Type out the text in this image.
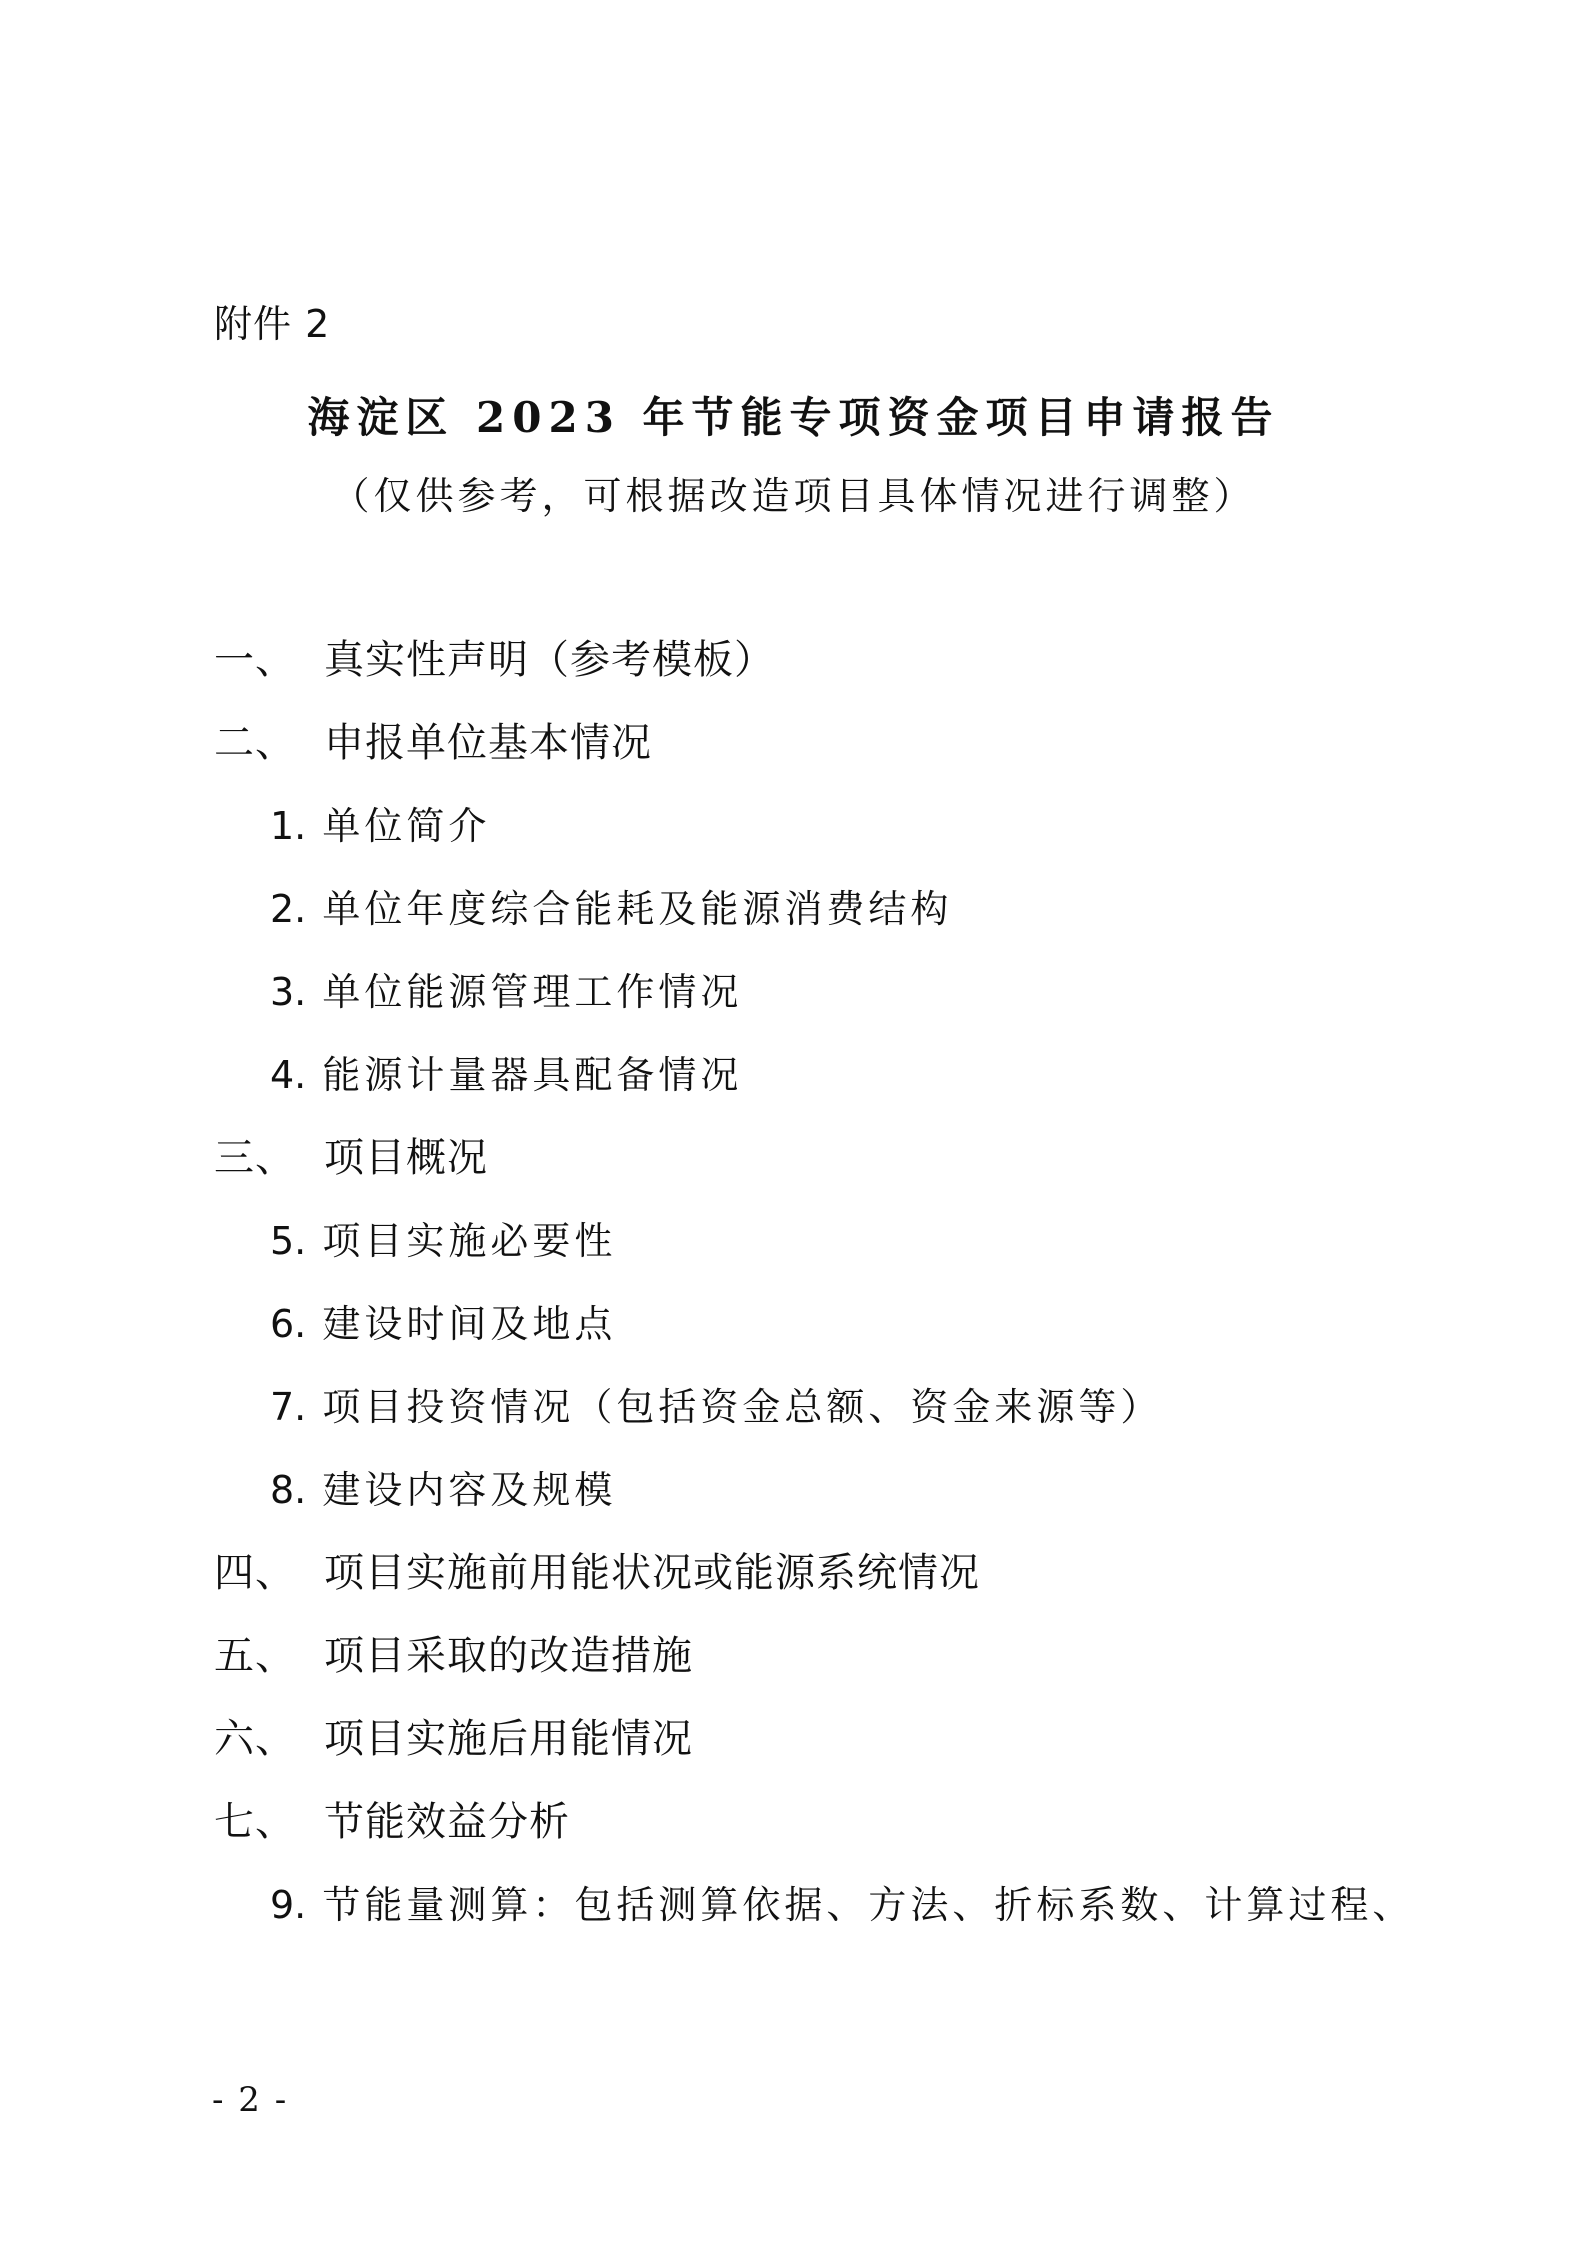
附件 2
海淀区 2023 年节能专项资金项目申请报告
（仅供参考，可根据改造项目具体情况进行调整）
一、 真实性声明（参考模板）
二、 申报单位基本情况
1. 单位简介
2. 单位年度综合能耗及能源消费结构
3. 单位能源管理工作情况
4. 能源计量器具配备情况
三、 项目概况
5. 项目实施必要性
6. 建设时间及地点
7. 项目投资情况（包括资金总额、资金来源等）
8. 建设内容及规模
四、 项目实施前用能状况或能源系统情况
五、 项目采取的改造措施
六、 项目实施后用能情况
七、 节能效益分析
9. 节能量测算：包括测算依据、方法、折标系数、计算过程、
- 2 -
